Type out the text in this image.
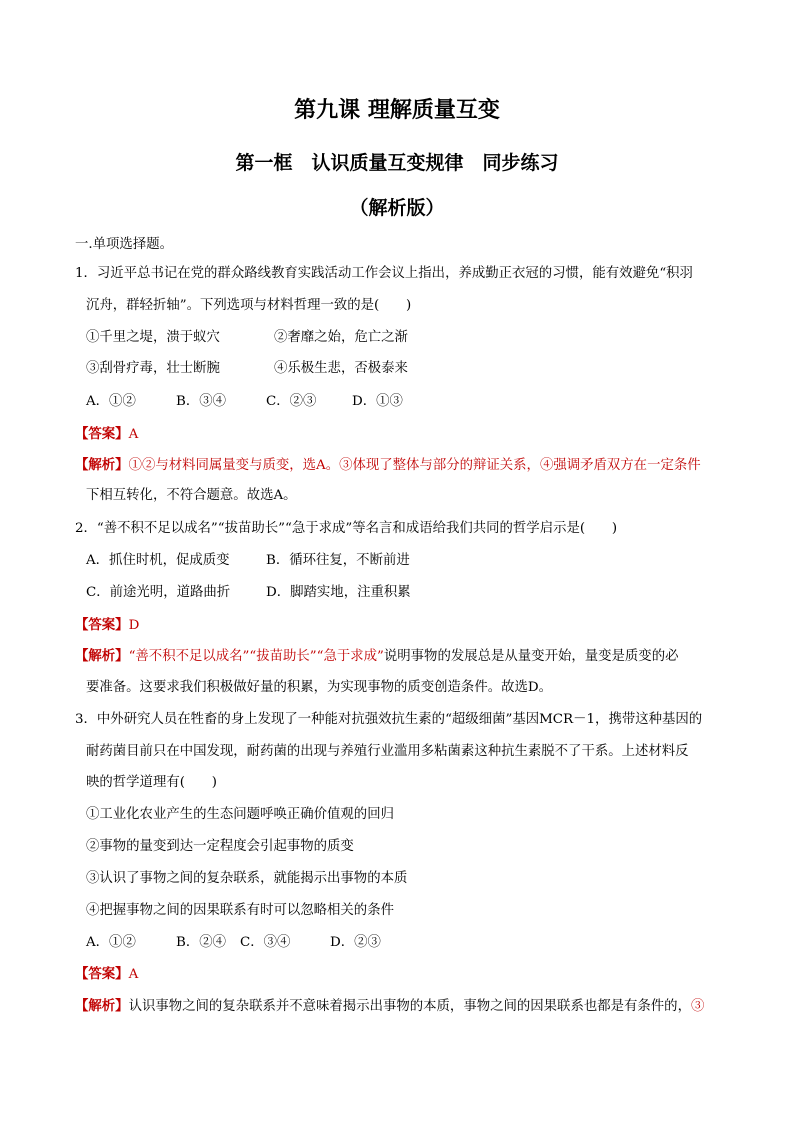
第九课 理解质量互变
第一框　认识质量互变规律　同步练习
（解析版）
一.单项选择题。
1．习近平总书记在党的群众路线教育实践活动工作会议上指出，养成勤正衣冠的习惯，能有效避免“积羽
沉舟，群轻折轴”。下列选项与材料哲理一致的是(　　)
①千里之堤，溃于蚁穴	②奢靡之始，危亡之渐
③刮骨疗毒，壮士断腕	④乐极生悲，否极泰来
A．①②	B．③④	C．②③	D．①③
【答案】A
【解析】①②与材料同属量变与质变，选A。③体现了整体与部分的辩证关系，④强调矛盾双方在一定条件
下相互转化，不符合题意。故选A。
2．“善不积不足以成名”“拔苗助长”“急于求成”等名言和成语给我们共同的哲学启示是(　　)
A．抓住时机，促成质变	B．循环往复，不断前进
C．前途光明，道路曲折	D．脚踏实地，注重积累
【答案】D
【解析】“善不积不足以成名”“拔苗助长”“急于求成”说明事物的发展总是从量变开始，量变是质变的必
要准备。这要求我们积极做好量的积累，为实现事物的质变创造条件。故选D。
3．中外研究人员在牲畜的身上发现了一种能对抗强效抗生素的“超级细菌”基因MCR－1，携带这种基因的
耐药菌目前只在中国发现，耐药菌的出现与养殖行业滥用多粘菌素这种抗生素脱不了干系。上述材料反
映的哲学道理有(　　)
①工业化农业产生的生态问题呼唤正确价值观的回归
②事物的量变到达一定程度会引起事物的质变
③认识了事物之间的复杂联系，就能揭示出事物的本质
④把握事物之间的因果联系有时可以忽略相关的条件
A．①②	B．②④ C．③④	D．②③
【答案】A
【解析】认识事物之间的复杂联系并不意味着揭示出事物的本质，事物之间的因果联系也都是有条件的，③
